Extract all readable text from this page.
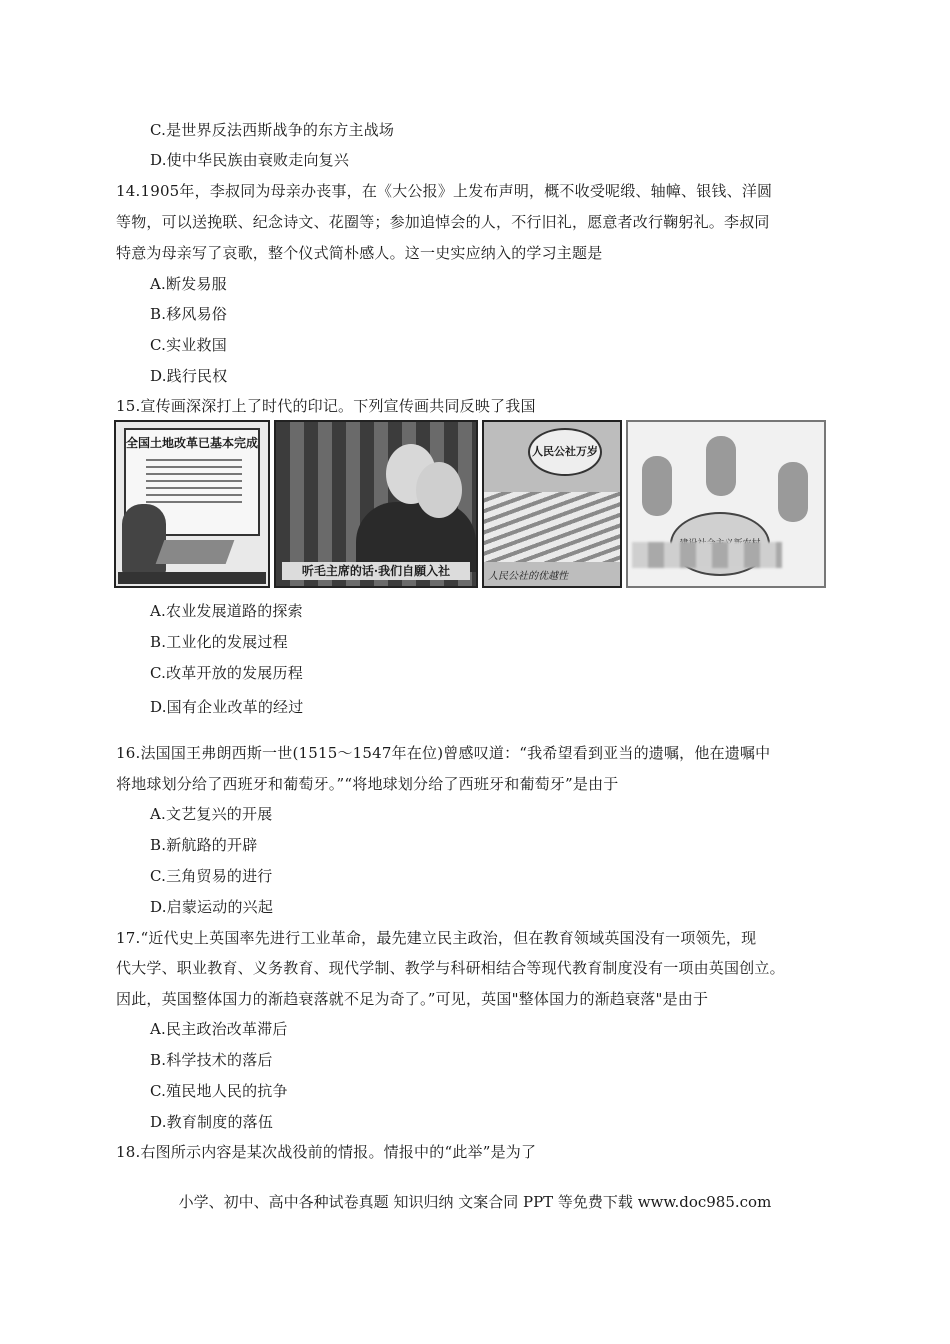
C.是世界反法西斯战争的东方主战场
D.使中华民族由衰败走向复兴
14.1905年，李叔同为母亲办丧事，在《大公报》上发布声明，概不收受呢缎、轴幛、银钱、洋圆
等物，可以送挽联、纪念诗文、花圈等；参加追悼会的人，不行旧礼，愿意者改行鞠躬礼。李叔同
特意为母亲写了哀歌，整个仪式简朴感人。这一史实应纳入的学习主题是
A.断发易服
B.移风易俗
C.实业救国
D.践行民权
15.宣传画深深打上了时代的印记。下列宣传画共同反映了我国
全国土地改革已基本完成
听毛主席的话·我们自願入社
人民公社万岁
人民公社的优越性
A.农业发展道路的探索
B.工业化的发展过程
C.改革开放的发展历程
D.国有企业改革的经过
16.法国国王弗朗西斯一世(1515～1547年在位)曾感叹道：“我希望看到亚当的遗嘱，他在遗嘱中
将地球划分给了西班牙和葡萄牙。”“将地球划分给了西班牙和葡萄牙”是由于
A.文艺复兴的开展
B.新航路的开辟
C.三角贸易的进行
D.启蒙运动的兴起
17.“近代史上英国率先进行工业革命，最先建立民主政治，但在教育领域英国没有一项领先，现
代大学、职业教育、义务教育、现代学制、教学与科研相结合等现代教育制度没有一项由英国创立。
因此，英国整体国力的渐趋衰落就不足为奇了。”可见，英国"整体国力的渐趋衰落"是由于
A.民主政治改革滞后
B.科学技术的落后
C.殖民地人民的抗争
D.教育制度的落伍
18.右图所示内容是某次战役前的情报。情报中的“此举”是为了
小学、初中、高中各种试卷真题 知识归纳 文案合同 PPT 等免费下载 www.doc985.com
